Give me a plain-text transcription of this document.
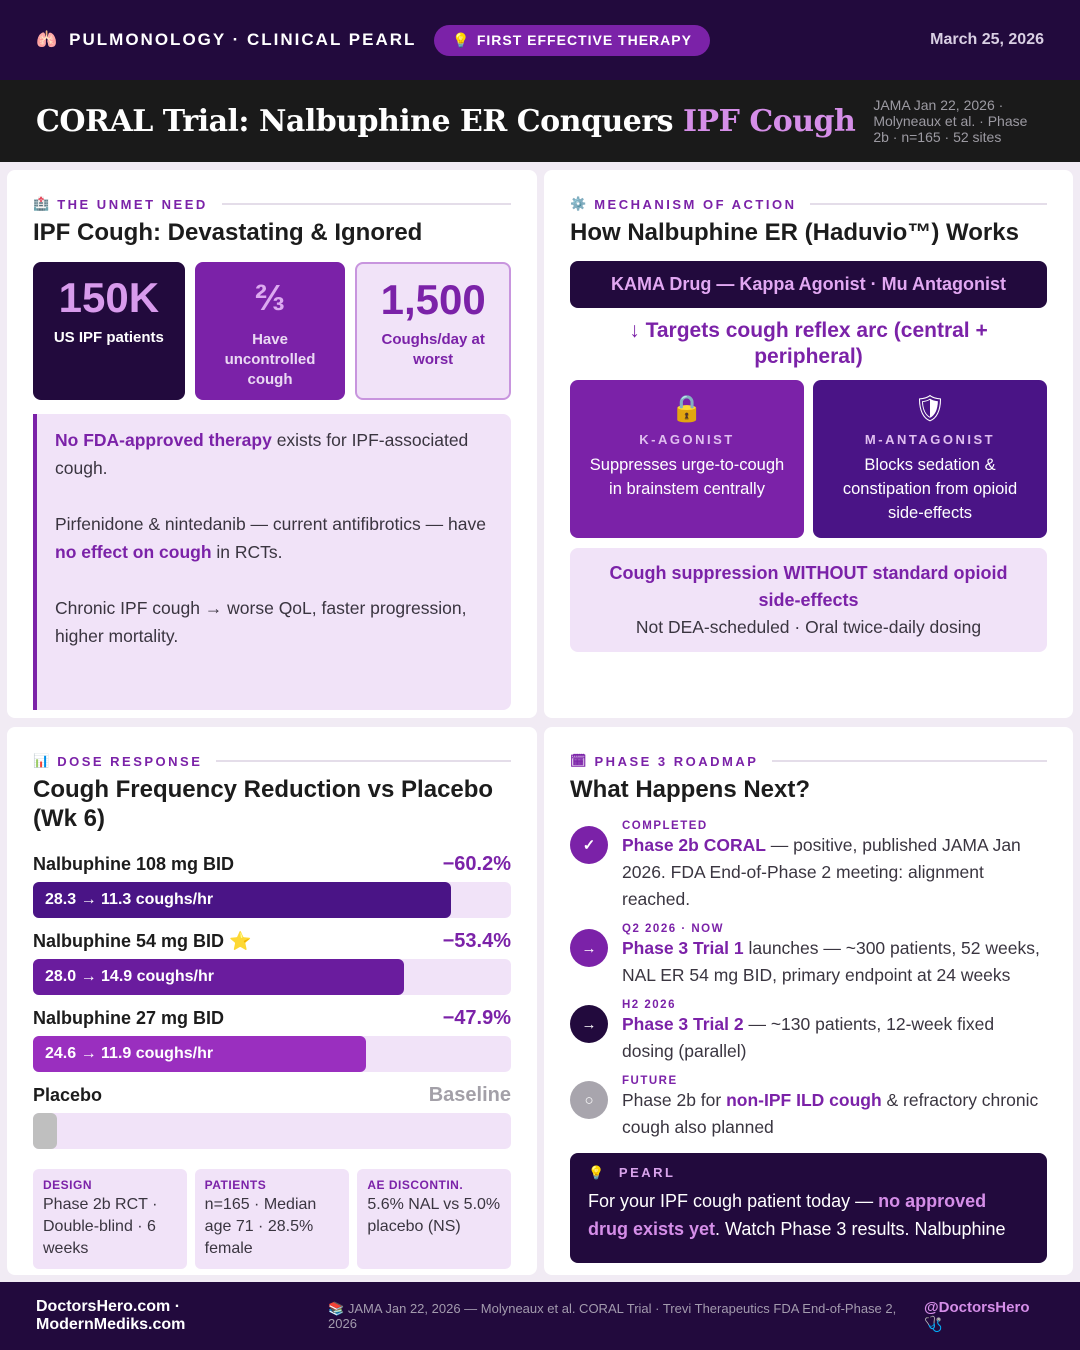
🫁 PULMONOLOGY · CLINICAL PEARL	💡 FIRST EFFECTIVE THERAPY	March 25, 2026
CORAL Trial: Nalbuphine ER Conquers IPF Cough JAMA Jan 22, 2026 · Molyneaux et al. · Phase 2b · n=165 · 52 sites
🏥 THE UNMET NEED
IPF Cough: Devastating & Ignored
150K
US IPF patients
⅔
Have uncontrolled cough
1,500
Coughs/day at worst

No FDA-approved therapy exists for IPF-associated cough.

Pirfenidone & nintedanib — current antifibrotics — have no effect on cough in RCTs.

Chronic IPF cough → worse QoL, faster progression, higher mortality.

⚙️ MECHANISM OF ACTION
How Nalbuphine ER (Haduvio™) Works
KAMA Drug — Kappa Agonist · Mu Antagonist
↓ Targets cough reflex arc (central + peripheral)
🔒
K-AGONIST
Suppresses urge-to-cough in brainstem centrally
🛡
M-ANTAGONIST
Blocks sedation & constipation from opioid side-effects
Cough suppression WITHOUT standard opioid side-effects
Not DEA-scheduled · Oral twice-daily dosing
📊 DOSE RESPONSE
Cough Frequency Reduction vs Placebo (Wk 6)
Nalbuphine 108 mg BID	−60.2%
28.3 → 11.3 coughs/hr
Nalbuphine 54 mg BID ⭐	−53.4%
28.0 → 14.9 coughs/hr
Nalbuphine 27 mg BID	−47.9%
24.6 → 11.9 coughs/hr
Placebo	Baseline
DESIGN
Phase 2b RCT · Double-blind · 6 weeks
PATIENTS
n=165 · Median age 71 · 28.5% female
AE DISCONTIN.
5.6% NAL vs 5.0% placebo (NS)
🗓 PHASE 3 ROADMAP
What Happens Next?
✓
COMPLETED
Phase 2b CORAL — positive, published JAMA Jan 2026. FDA End-of-Phase 2 meeting: alignment reached.
→
Q2 2026 · NOW
Phase 3 Trial 1 launches — ~300 patients, 52 weeks, NAL ER 54 mg BID, primary endpoint at 24 weeks
→
H2 2026
Phase 3 Trial 2 — ~130 patients, 12-week fixed dosing (parallel)
○
FUTURE
Phase 2b for non-IPF ILD cough & refractory chronic cough also planned
💡 PEARL
For your IPF cough patient today — no approved drug exists yet. Watch Phase 3 results. Nalbuphine
DoctorsHero.com · ModernMediks.com
📚 JAMA Jan 22, 2026 — Molyneaux et al. CORAL Trial · Trevi Therapeutics FDA End-of-Phase 2, 2026
@DoctorsHero 🩺
